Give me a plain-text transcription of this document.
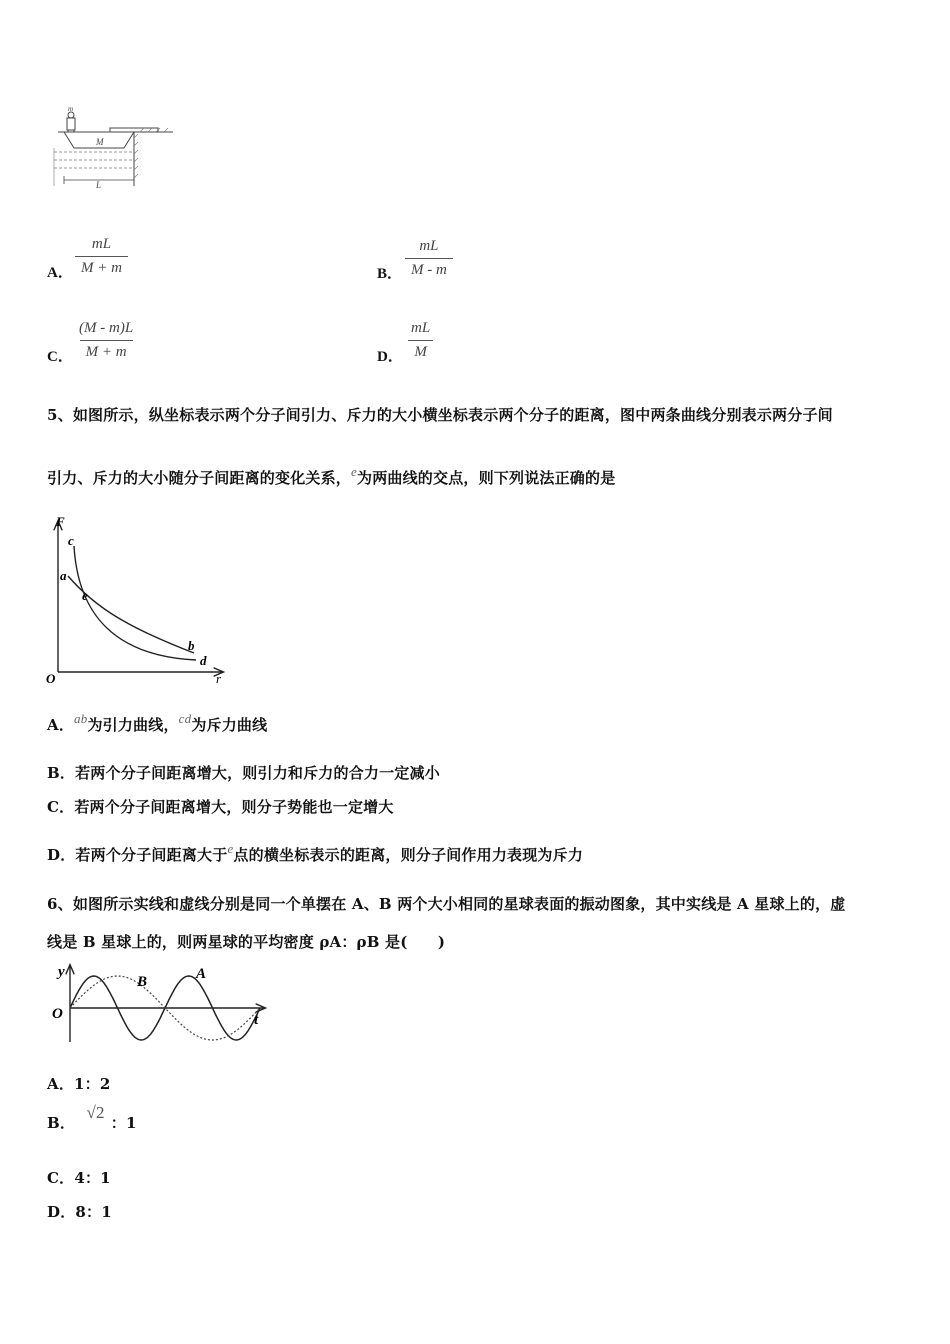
M
L
m
A． $\frac{mL}{M + m}$	B． $\frac{mL}{M - m}$
C． $\frac{(M - m)L}{M + m}$	D． $\frac{mL}{M}$
5、如图所示，纵坐标表示两个分子间引力、斥力的大小横坐标表示两个分子的距离，图中两条曲线分别表示两分子间
引力、斥力的大小随分子间距离的变化关系，e为两曲线的交点，则下列说法正确的是
F
O	r
c
a
e
b
d
A．ab为引力曲线，cd为斥力曲线
B．若两个分子间距离增大，则引力和斥力的合力一定减小
C．若两个分子间距离增大，则分子势能也一定增大
D．若两个分子间距离大于e点的横坐标表示的距离，则分子间作用力表现为斥力
6、如图所示实线和虚线分别是同一个单摆在 A、B 两个大小相同的星球表面的振动图象，其中实线是 A 星球上的，虚
线是 B 星球上的，则两星球的平均密度 ρA：ρB 是(　　)
y
O	t
B	A
A．1：2
B． √2：1
C．4：1
D．8：1
